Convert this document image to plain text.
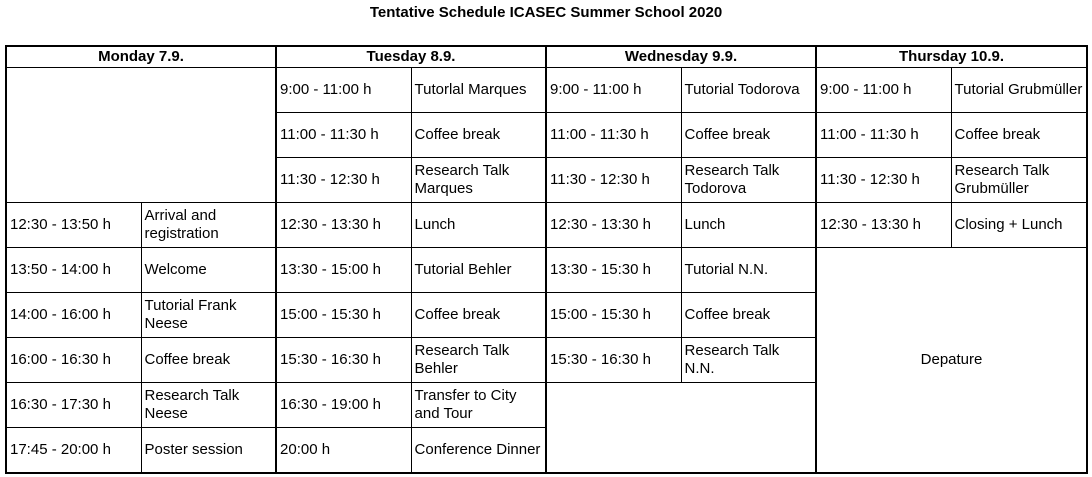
Tentative Schedule ICASEC Summer School 2020
Monday 7.9.		Tuesday 8.9.		Wednesday 9.9.		Thursday 10.9.	
		9:00 - 11:00 h	Tutorlal Marques	9:00 - 11:00 h	Tutorial Todorova	9:00 - 11:00 h	Tutorial Grubmüller
		11:00 - 11:30 h	Coffee break	11:00 - 11:30 h	Coffee break	11:00 - 11:30 h	Coffee break
		11:30 - 12:30 h	Research Talk Marques	11:30 - 12:30 h	Research Talk Todorova	11:30 - 12:30 h	Research Talk Grubmüller
12:30 - 13:50 h	Arrival and registration	12:30 - 13:30 h	Lunch	12:30 - 13:30 h	Lunch	12:30 - 13:30 h	Closing + Lunch
13:50 - 14:00 h	Welcome	13:30 - 15:00 h	Tutorial Behler	13:30 - 15:30 h	Tutorial N.N.	Depature	
14:00 - 16:00 h	Tutorial Frank Neese	15:00 - 15:30 h	Coffee break	15:00 - 15:30 h	Coffee break		
16:00 - 16:30 h	Coffee break	15:30 - 16:30 h	Research Talk Behler	15:30 - 16:30 h	Research Talk N.N.		
16:30 - 17:30 h	Research Talk Neese	16:30 - 19:00 h	Transfer to City and Tour				
17:45 - 20:00 h	Poster session	20:00 h	Conference Dinner				
